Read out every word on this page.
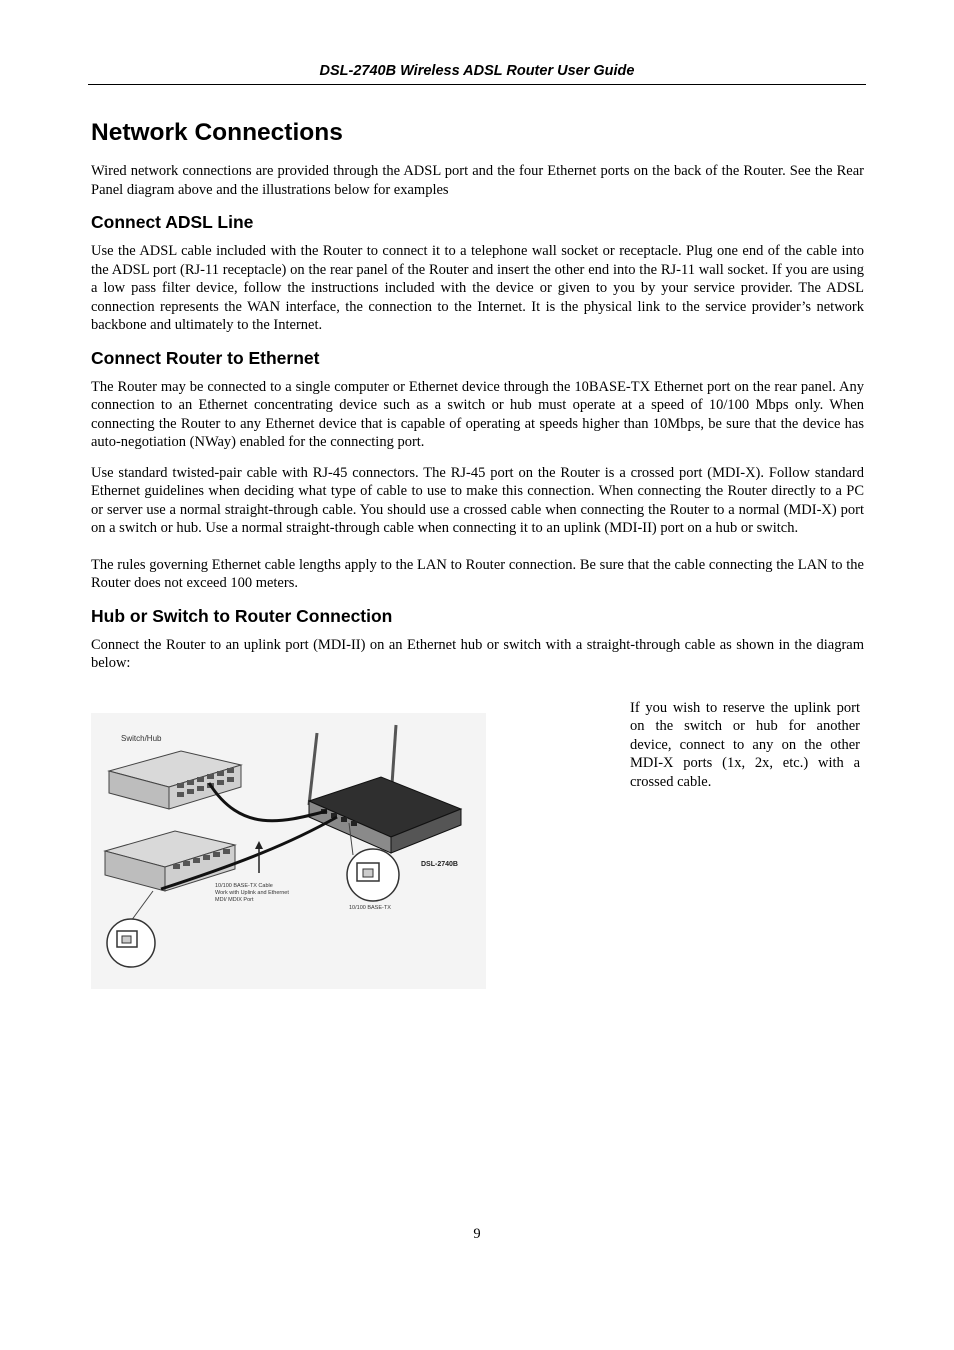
DSL-2740B Wireless ADSL Router User Guide
Network Connections

Wired network connections are provided through the ADSL port and the four Ethernet ports on the back of the Router. See the Rear Panel diagram above and the illustrations below for examples

Connect ADSL Line

Use the ADSL cable included with the Router to connect it to a telephone wall socket or receptacle. Plug one end of the cable into the ADSL port (RJ-11 receptacle) on the rear panel of the Router and insert the other end into the RJ-11 wall socket. If you are using a low pass filter device, follow the instructions included with the device or given to you by your service provider. The ADSL connection represents the WAN interface, the connection to the Internet. It is the physical link to the service provider’s network backbone and ultimately to the Internet.

Connect Router to Ethernet

The Router may be connected to a single computer or Ethernet device through the 10BASE-TX Ethernet port on the rear panel. Any connection to an Ethernet concentrating device such as a switch or hub must operate at a speed of 10/100 Mbps only. When connecting the Router to any Ethernet device that is capable of operating at speeds higher than 10Mbps, be sure that the device has auto-negotiation (NWay) enabled for the connecting port.

Use standard twisted-pair cable with RJ-45 connectors. The RJ-45 port on the Router is a crossed port (MDI-X). Follow standard Ethernet guidelines when deciding what type of cable to use to make this connection. When connecting the Router directly to a PC or server use a normal straight-through cable. You should use a crossed cable when connecting the Router to a normal (MDI-X) port on a switch or hub. Use a normal straight-through cable when connecting it to an uplink (MDI-II) port on a hub or switch.

The rules governing Ethernet cable lengths apply to the LAN to Router connection. Be sure that the cable connecting the LAN to the Router does not exceed 100 meters.

Hub or Switch to Router Connection

Connect the Router to an uplink port (MDI-II) on an Ethernet hub or switch with a straight-through cable as shown in the diagram below:

Switch/Hub
DSL-2740B
10/100 BASE-TX Cable
Work with Uplink and Ethernet
MDI/ MDIX Port
10/100 BASE-TX

If you wish to reserve the uplink port on the switch or hub for another device, connect to any on the other MDI-X ports (1x, 2x, etc.) with a crossed cable.

9
